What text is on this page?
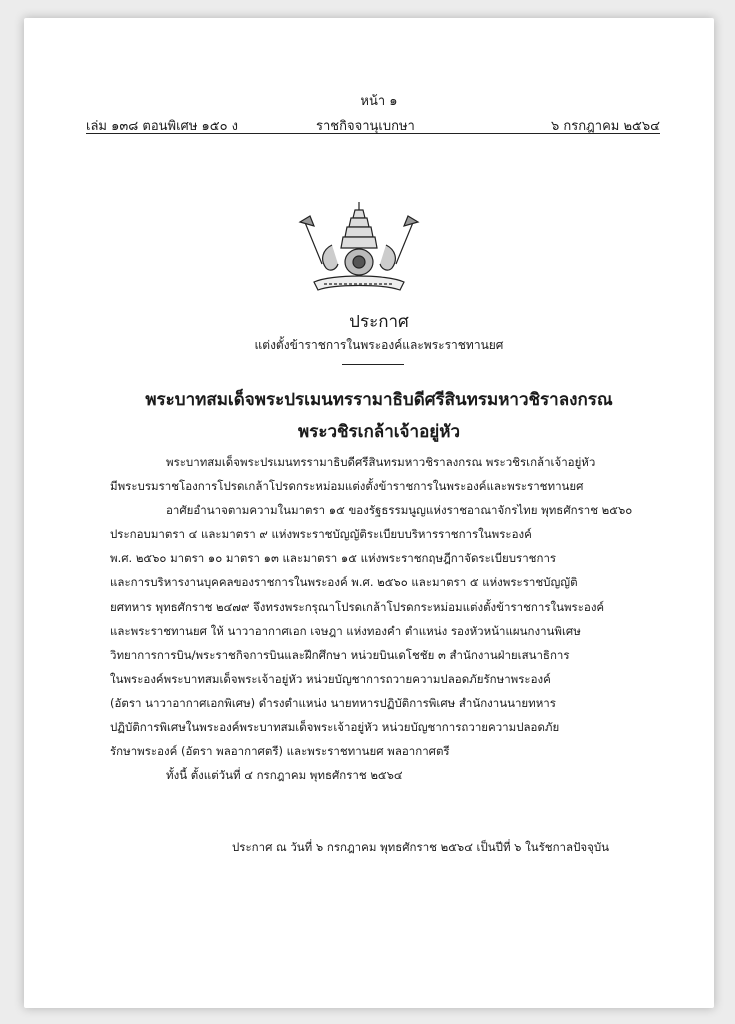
หน้า ๑
เล่ม ๑๓๘ ตอนพิเศษ ๑๕๐ ง	ราชกิจจานุเบกษา	๖ กรกฎาคม ๒๕๖๔
ประกาศ
แต่งตั้งข้าราชการในพระองค์และพระราชทานยศ
พระบาทสมเด็จพระปรเมนทรรามาธิบดีศรีสินทรมหาวชิราลงกรณ
พระวชิรเกล้าเจ้าอยู่หัว

พระบาทสมเด็จพระปรเมนทรรามาธิบดีศรีสินทรมหาวชิราลงกรณ พระวชิรเกล้าเจ้าอยู่หัว

มีพระบรมราชโองการโปรดเกล้าโปรดกระหม่อมแต่งตั้งข้าราชการในพระองค์และพระราชทานยศ

อาศัยอำนาจตามความในมาตรา ๑๕ ของรัฐธรรมนูญแห่งราชอาณาจักรไทย พุทธศักราช ๒๕๖๐

ประกอบมาตรา ๔ และมาตรา ๙ แห่งพระราชบัญญัติระเบียบบริหารราชการในพระองค์

พ.ศ. ๒๕๖๐ มาตรา ๑๐ มาตรา ๑๓ และมาตรา ๑๕ แห่งพระราชกฤษฎีกาจัดระเบียบราชการ

และการบริหารงานบุคคลของราชการในพระองค์ พ.ศ. ๒๕๖๐ และมาตรา ๕ แห่งพระราชบัญญัติ

ยศทหาร พุทธศักราช ๒๔๗๙ จึงทรงพระกรุณาโปรดเกล้าโปรดกระหม่อมแต่งตั้งข้าราชการในพระองค์

และพระราชทานยศ ให้ นาวาอากาศเอก เจษฎา แห่งทองคำ ตำแหน่ง รองหัวหน้าแผนกงานพิเศษ

วิทยาการการบิน/พระราชกิจการบินและฝึกศึกษา หน่วยบินเดโชชัย ๓ สำนักงานฝ่ายเสนาธิการ

ในพระองค์พระบาทสมเด็จพระเจ้าอยู่หัว หน่วยบัญชาการถวายความปลอดภัยรักษาพระองค์

(อัตรา นาวาอากาศเอกพิเศษ) ดำรงตำแหน่ง นายทหารปฏิบัติการพิเศษ สำนักงานนายทหาร

ปฏิบัติการพิเศษในพระองค์พระบาทสมเด็จพระเจ้าอยู่หัว หน่วยบัญชาการถวายความปลอดภัย

รักษาพระองค์ (อัตรา พลอากาศตรี) และพระราชทานยศ พลอากาศตรี

ทั้งนี้ ตั้งแต่วันที่ ๔ กรกฎาคม พุทธศักราช ๒๕๖๔

ประกาศ ณ วันที่ ๖ กรกฎาคม พุทธศักราช ๒๕๖๔ เป็นปีที่ ๖ ในรัชกาลปัจจุบัน
